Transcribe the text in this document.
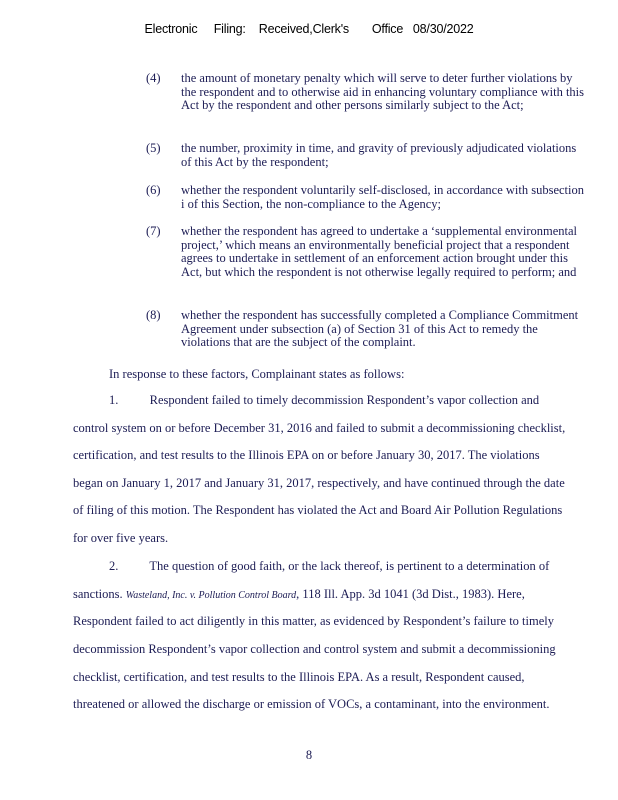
Electronic     Filing:    Received,Clerk's       Office   08/30/2022
(4) the amount of monetary penalty which will serve to deter further violations by the respondent and to otherwise aid in enhancing voluntary compliance with this Act by the respondent and other persons similarly subject to the Act;
(5) the number, proximity in time, and gravity of previously adjudicated violations of this Act by the respondent;
(6) whether the respondent voluntarily self-disclosed, in accordance with subsection i of this Section, the non-compliance to the Agency;
(7) whether the respondent has agreed to undertake a ‘supplemental environmental project,’ which means an environmentally beneficial project that a respondent agrees to undertake in settlement of an enforcement action brought under this Act, but which the respondent is not otherwise legally required to perform; and
(8) whether the respondent has successfully completed a Compliance Commitment Agreement under subsection (a) of Section 31 of this Act to remedy the violations that are the subject of the complaint.
In response to these factors, Complainant states as follows:
1.          Respondent failed to timely decommission Respondent’s vapor collection and
control system on or before December 31, 2016 and failed to submit a decommissioning checklist,
certification, and test results to the Illinois EPA on or before January 30, 2017. The violations
began on January 1, 2017 and January 31, 2017, respectively, and have continued through the date
of filing of this motion. The Respondent has violated the Act and Board Air Pollution Regulations
for over five years.
2.          The question of good faith, or the lack thereof, is pertinent to a determination of
sanctions. Wasteland, Inc. v. Pollution Control Board, 118 Ill. App. 3d 1041 (3d Dist., 1983). Here,
Respondent failed to act diligently in this matter, as evidenced by Respondent’s failure to timely
decommission Respondent’s vapor collection and control system and submit a decommissioning
checklist, certification, and test results to the Illinois EPA. As a result, Respondent caused,
threatened or allowed the discharge or emission of VOCs, a contaminant, into the environment.
8
